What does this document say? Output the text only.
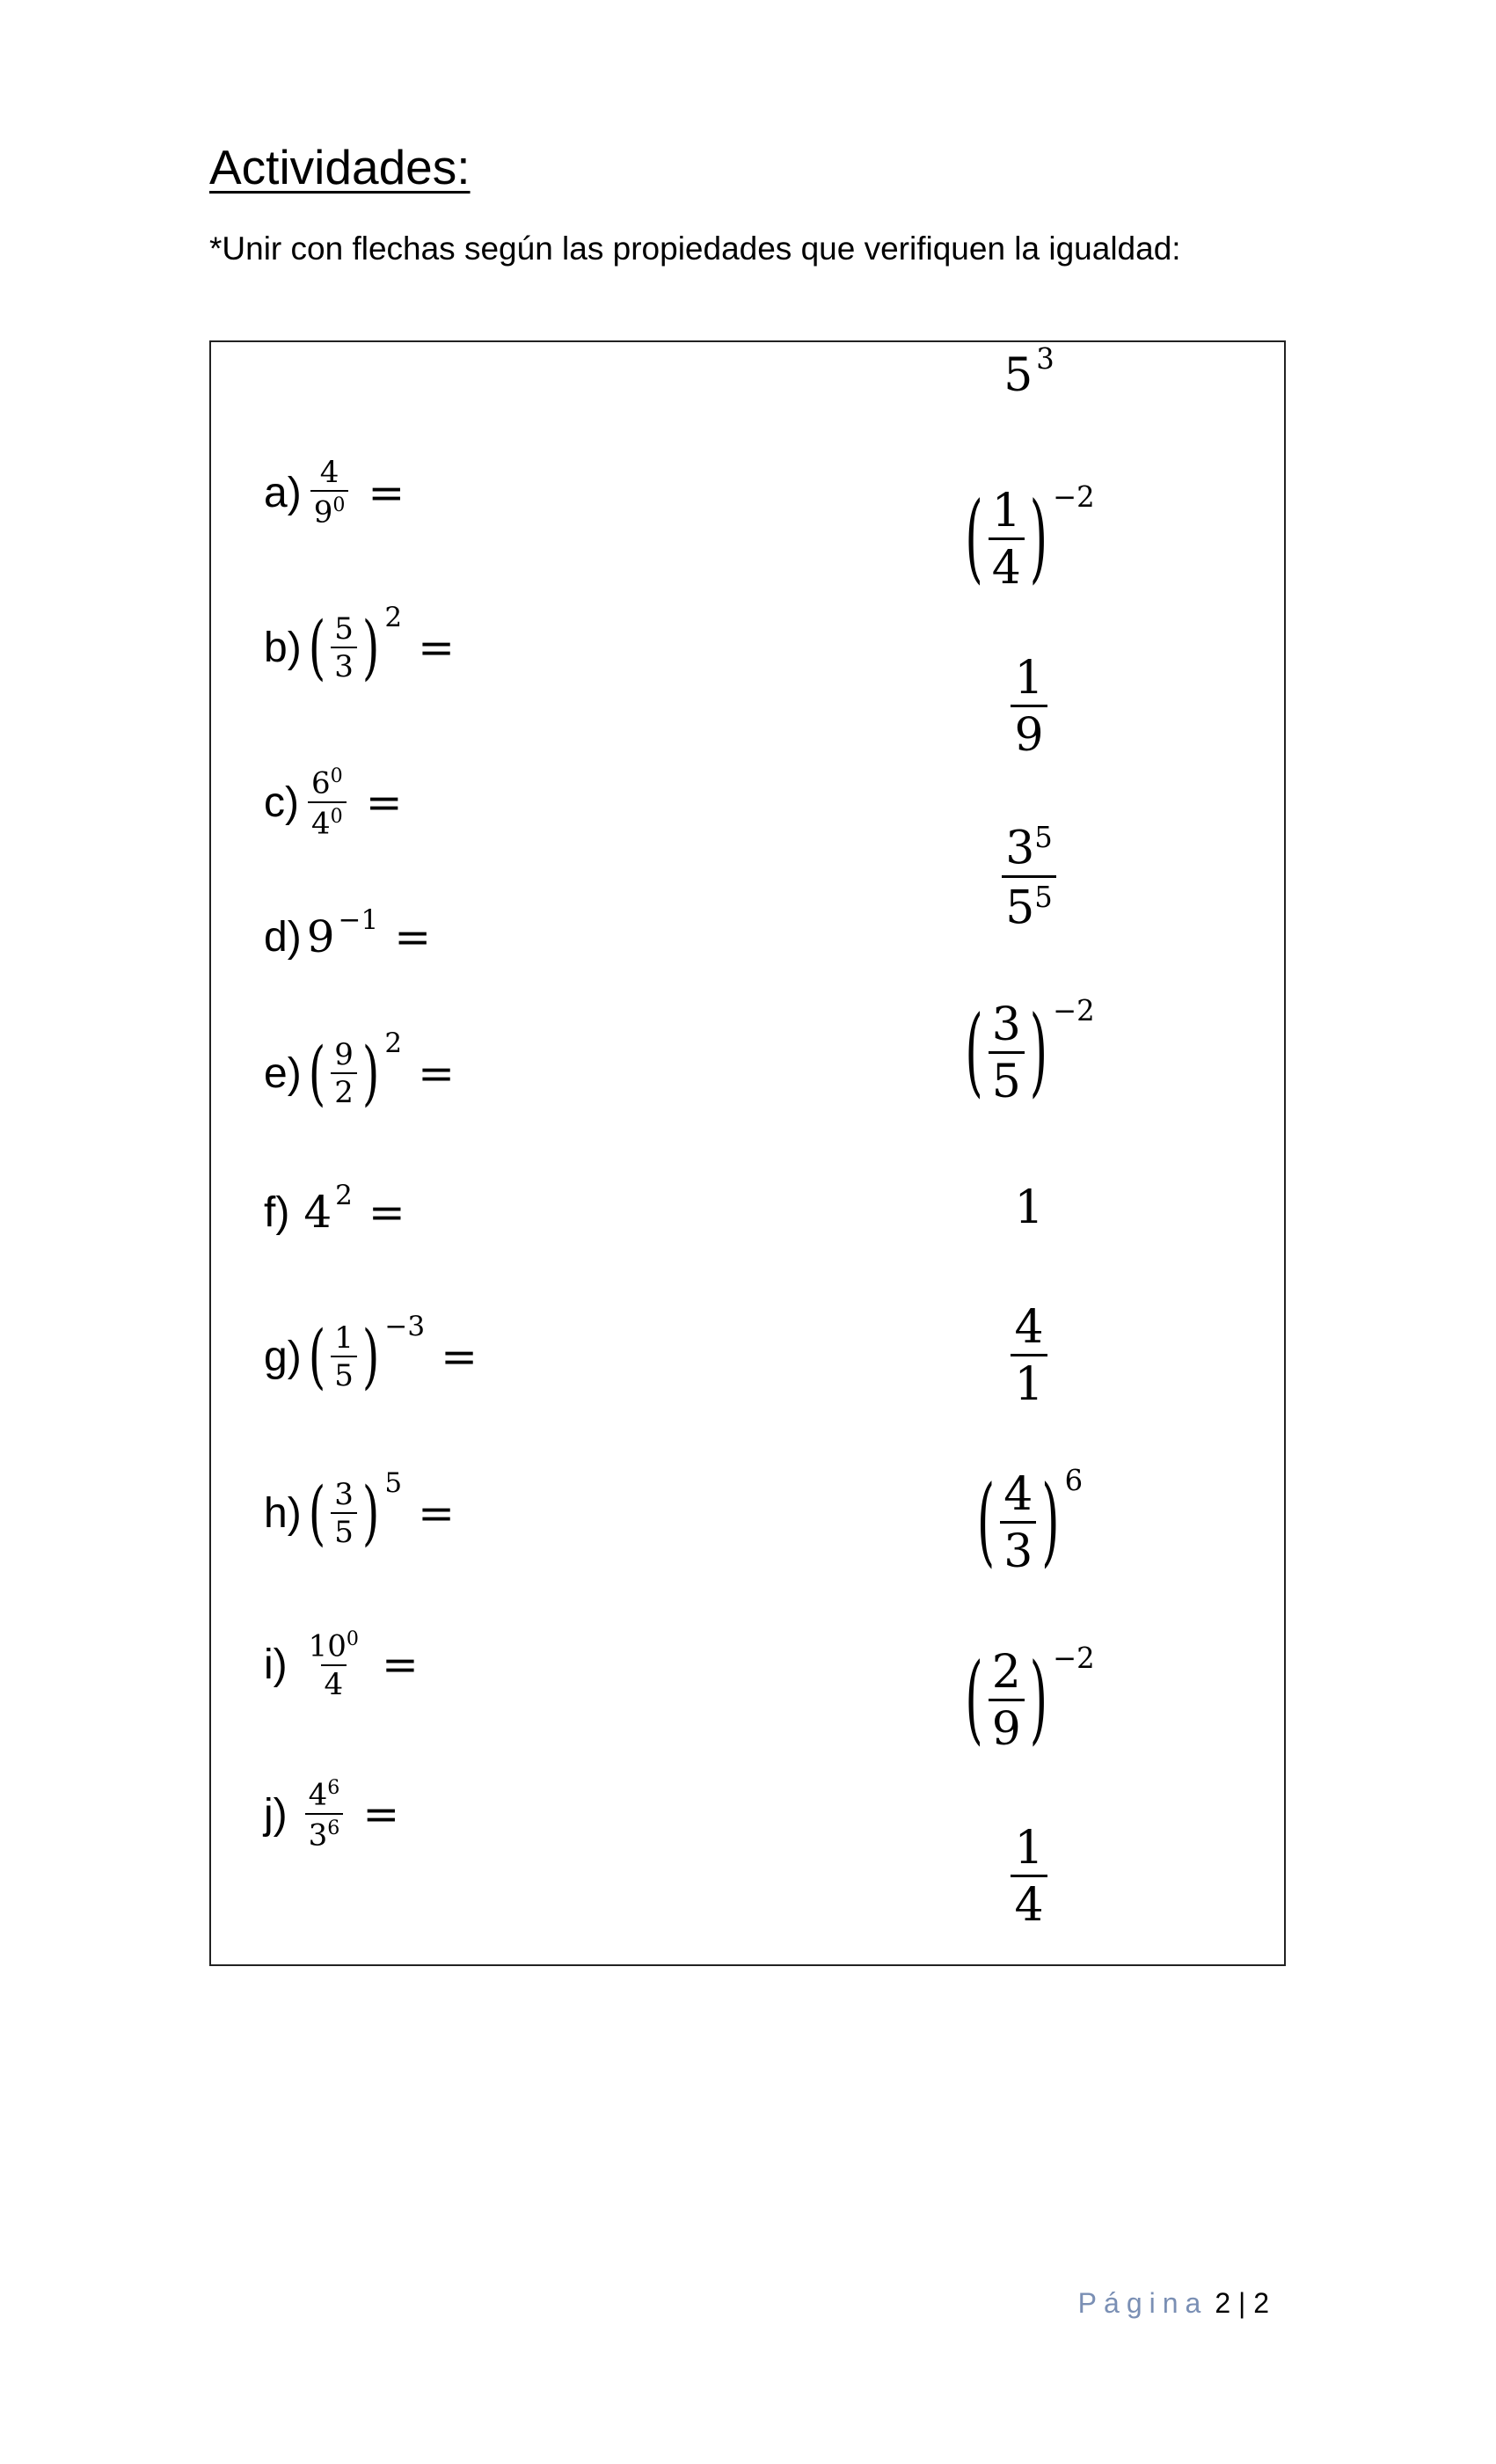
Actividades:
*Unir con flechas según las propiedades que verifiquen la igualdad:
$a) \frac{4}{9^0}$ =
b) ( $\frac{5}{3}$ ) 2
=
$c) \frac{6^0}{4^0}$ =
d) 9 −1 =
e) ( $\frac{9}{2}$ ) 2
=
f) 4 2 =
g) ( $\frac{1}{5}$ ) −3
=
h) ( $\frac{3}{5}$ ) 5
=
$i) \frac{10^0}{4}$ =
$j) \frac{4^6}{3^6}$ =
5 3
( $\frac{1}{4}$ ) −2
$\frac{1}{9}$
$\frac{3^5}{5^5}$
( $\frac{3}{5}$ ) −2
1
$\frac{4}{1}$
( $\frac{4}{3}$ ) 6
( $\frac{2}{9}$ ) −2
$\frac{1}{4}$
Página 2 | 2
